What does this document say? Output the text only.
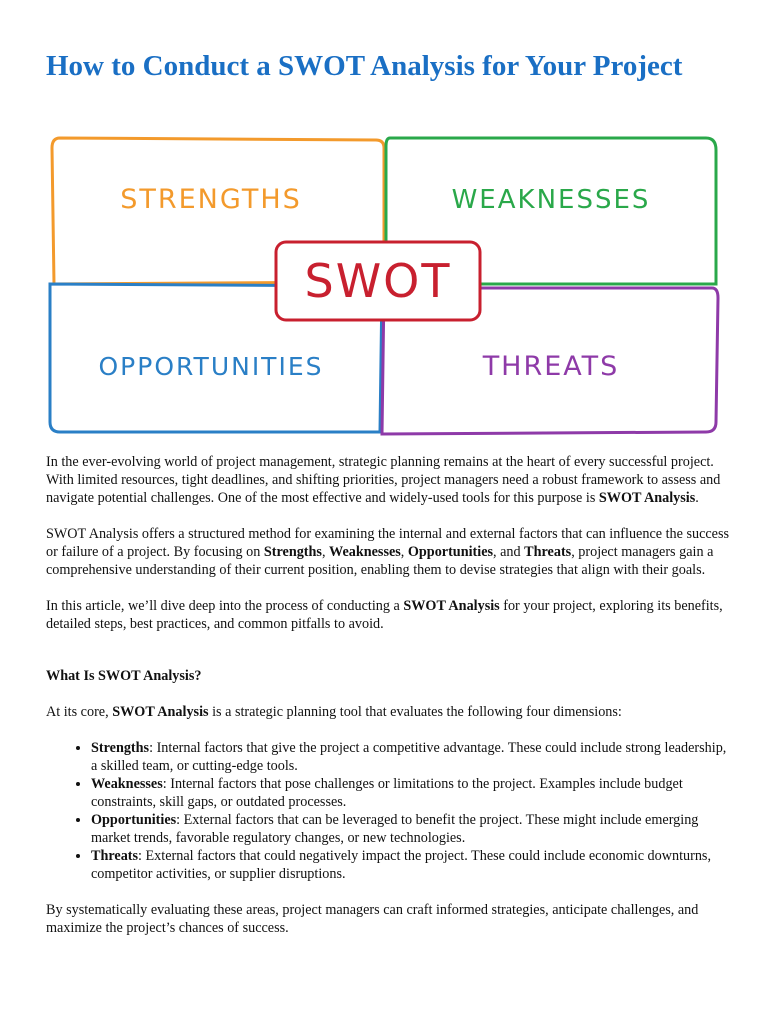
How to Conduct a SWOT Analysis for Your Project
STRENGTHS	WEAKNESSES
OPPORTUNITIES	THREATS
SWOT

In the ever-evolving world of project management, strategic planning remains at the heart of every successful project. With limited resources, tight deadlines, and shifting priorities, project managers need a robust framework to assess and navigate potential challenges. One of the most effective and widely-used tools for this purpose is SWOT Analysis.

SWOT Analysis offers a structured method for examining the internal and external factors that can influence the success or failure of a project. By focusing on Strengths, Weaknesses, Opportunities, and Threats, project managers gain a comprehensive understanding of their current position, enabling them to devise strategies that align with their goals.

In this article, we’ll dive deep into the process of conducting a SWOT Analysis for your project, exploring its benefits, detailed steps, best practices, and common pitfalls to avoid.

What Is SWOT Analysis?

At its core, SWOT Analysis is a strategic planning tool that evaluates the following four dimensions:

• Strengths: Internal factors that give the project a competitive advantage. These could include strong leadership, a skilled team, or cutting-edge tools.
• Weaknesses: Internal factors that pose challenges or limitations to the project. Examples include budget constraints, skill gaps, or outdated processes.
• Opportunities: External factors that can be leveraged to benefit the project. These might include emerging market trends, favorable regulatory changes, or new technologies.
• Threats: External factors that could negatively impact the project. These could include economic downturns, competitor activities, or supplier disruptions.

By systematically evaluating these areas, project managers can craft informed strategies, anticipate challenges, and maximize the project’s chances of success.
